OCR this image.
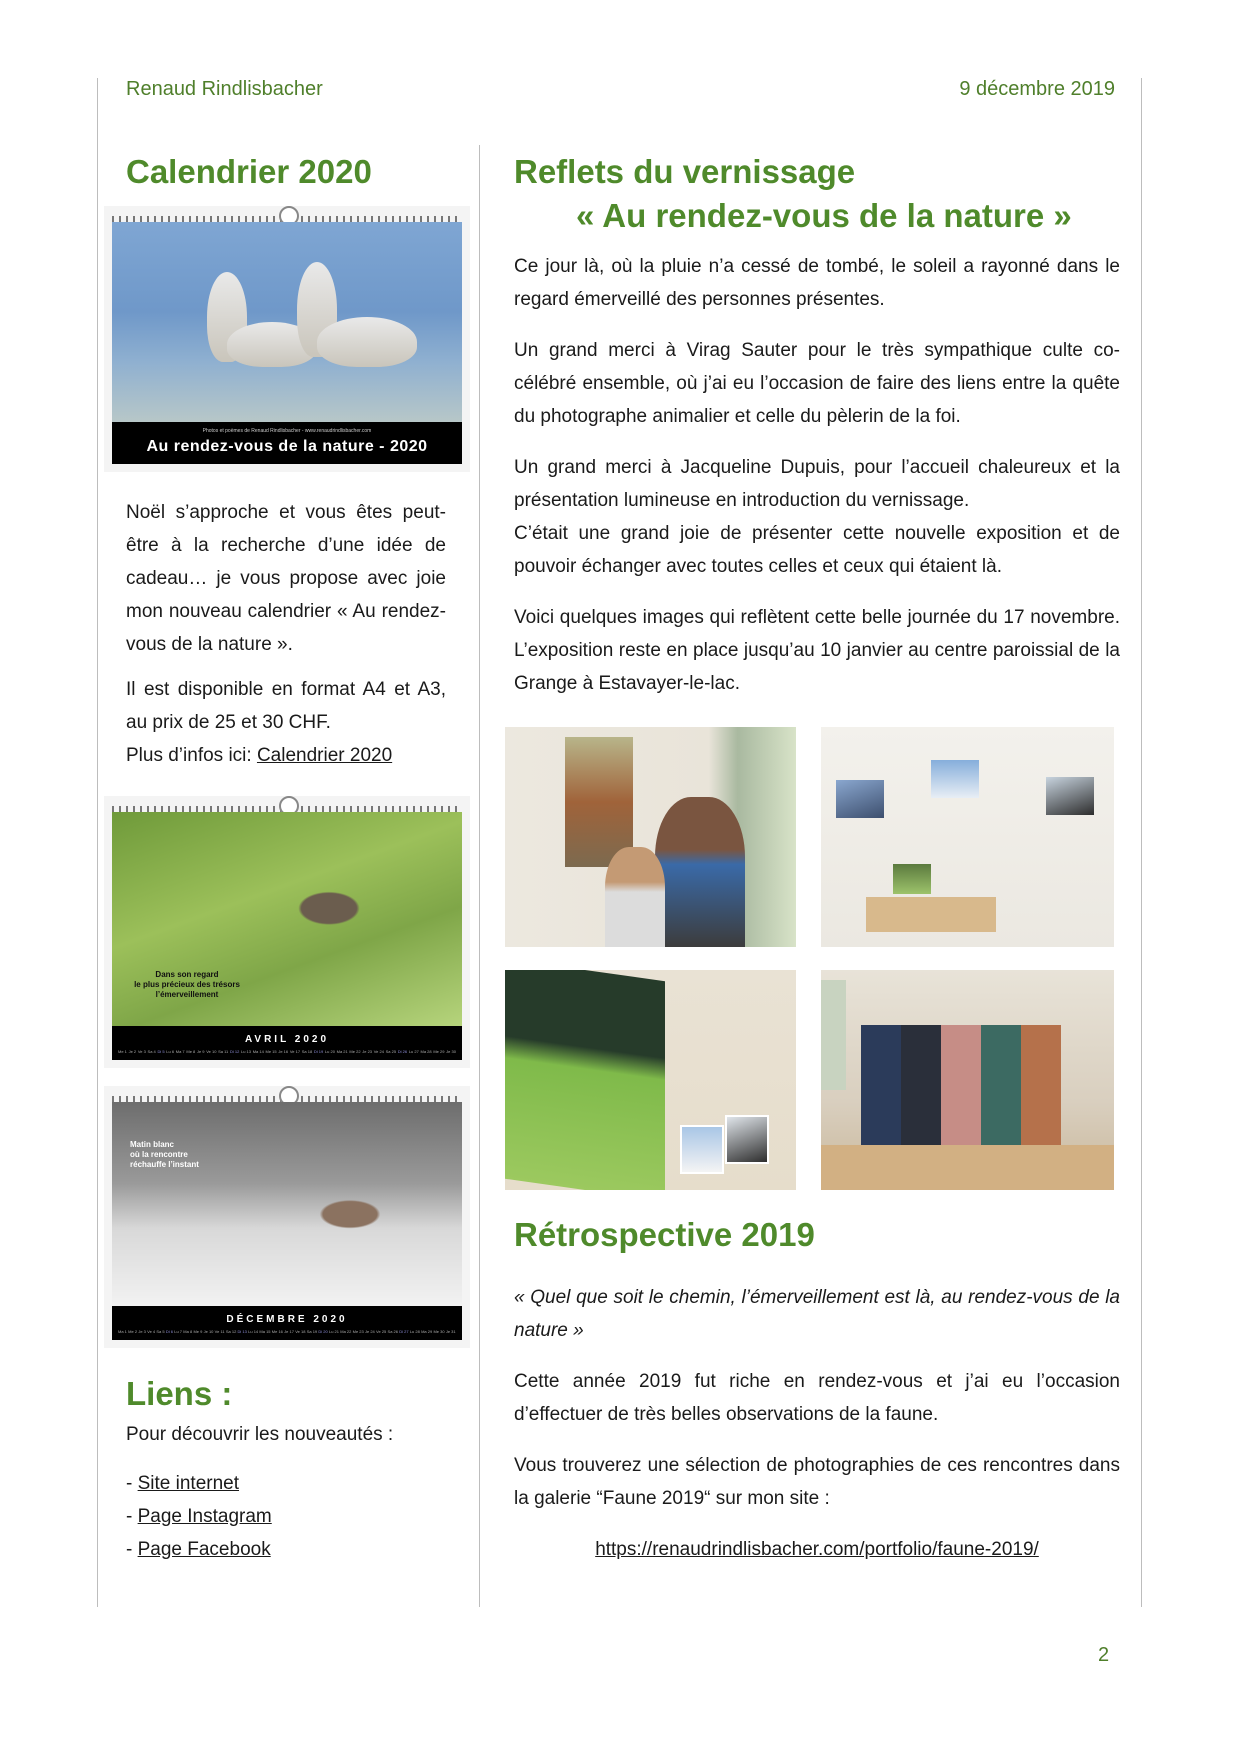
Renaud Rindlisbacher	9 décembre 2019
Calendrier 2020
Photos et poèmes de Renaud Rindlisbacher - www.renaudrindlisbacher.com
Au rendez-vous de la nature - 2020

Noël s’approche et vous êtes peut-être à la recherche d’une idée de cadeau… je vous propose avec joie mon nouveau calendrier « Au rendez-vous de la nature ».

Il est disponible en format A4 et A3, au prix de 25 et 30 CHF.

Plus d’infos ici: Calendrier 2020

Dans son regard
le plus précieux des trésors
l’émerveillement
AVRIL 2020
Me 1 Je 2 Ve 3 Sa 4 Di 5 Lu 6 Ma 7 Me 8 Je 9 Ve 10 Sa 11 Di 12 Lu 13 Ma 14 Me 15 Je 16 Ve 17 Sa 18 Di 19 Lu 20 Ma 21 Me 22 Je 23 Ve 24 Sa 25 Di 26 Lu 27 Ma 28 Me 29 Je 30
Matin blanc
où la rencontre
réchauffe l’instant
DÉCEMBRE 2020
Ma 1 Me 2 Je 3 Ve 4 Sa 5 Di 6 Lu 7 Ma 8 Me 9 Je 10 Ve 11 Sa 12 Di 13 Lu 14 Ma 15 Me 16 Je 17 Ve 18 Sa 19 Di 20 Lu 21 Ma 22 Me 23 Je 24 Ve 25 Sa 26 Di 27 Lu 28 Ma 29 Me 30 Je 31
Liens :

Pour découvrir les nouveautés :

- Site internet

- Page Instagram

- Page Facebook

Reflets du vernissage
« Au rendez-vous de la nature »

Ce jour là, où la pluie n’a cessé de tombé, le soleil a rayonné dans le regard émerveillé des personnes présentes.

Un grand merci à Virag Sauter pour le très sympathique culte co-célébré ensemble, où j’ai eu l’occasion de faire des liens entre la quête du photographe animalier et celle du pèlerin de la foi.

Un grand merci à Jacqueline Dupuis, pour l’accueil chaleureux et la présentation lumineuse en introduction du vernissage.

C’était une grand joie de présenter cette nouvelle exposition et de pouvoir échanger avec toutes celles et ceux qui étaient là.

Voici quelques images qui reflètent cette belle journée du 17 novembre. L’exposition reste en place jusqu’au 10 janvier au centre paroissial de la Grange à Estavayer-le-lac.

Rétrospective 2019

« Quel que soit le chemin, l’émerveillement est là, au rendez-vous de la nature »

Cette année 2019 fut riche en rendez-vous et j’ai eu l’occasion d’effectuer de très belles observations de la faune.

Vous trouverez une sélection de photographies de ces rencontres dans la galerie “Faune 2019“ sur mon site :

https://renaudrindlisbacher.com/portfolio/faune-2019/

2
